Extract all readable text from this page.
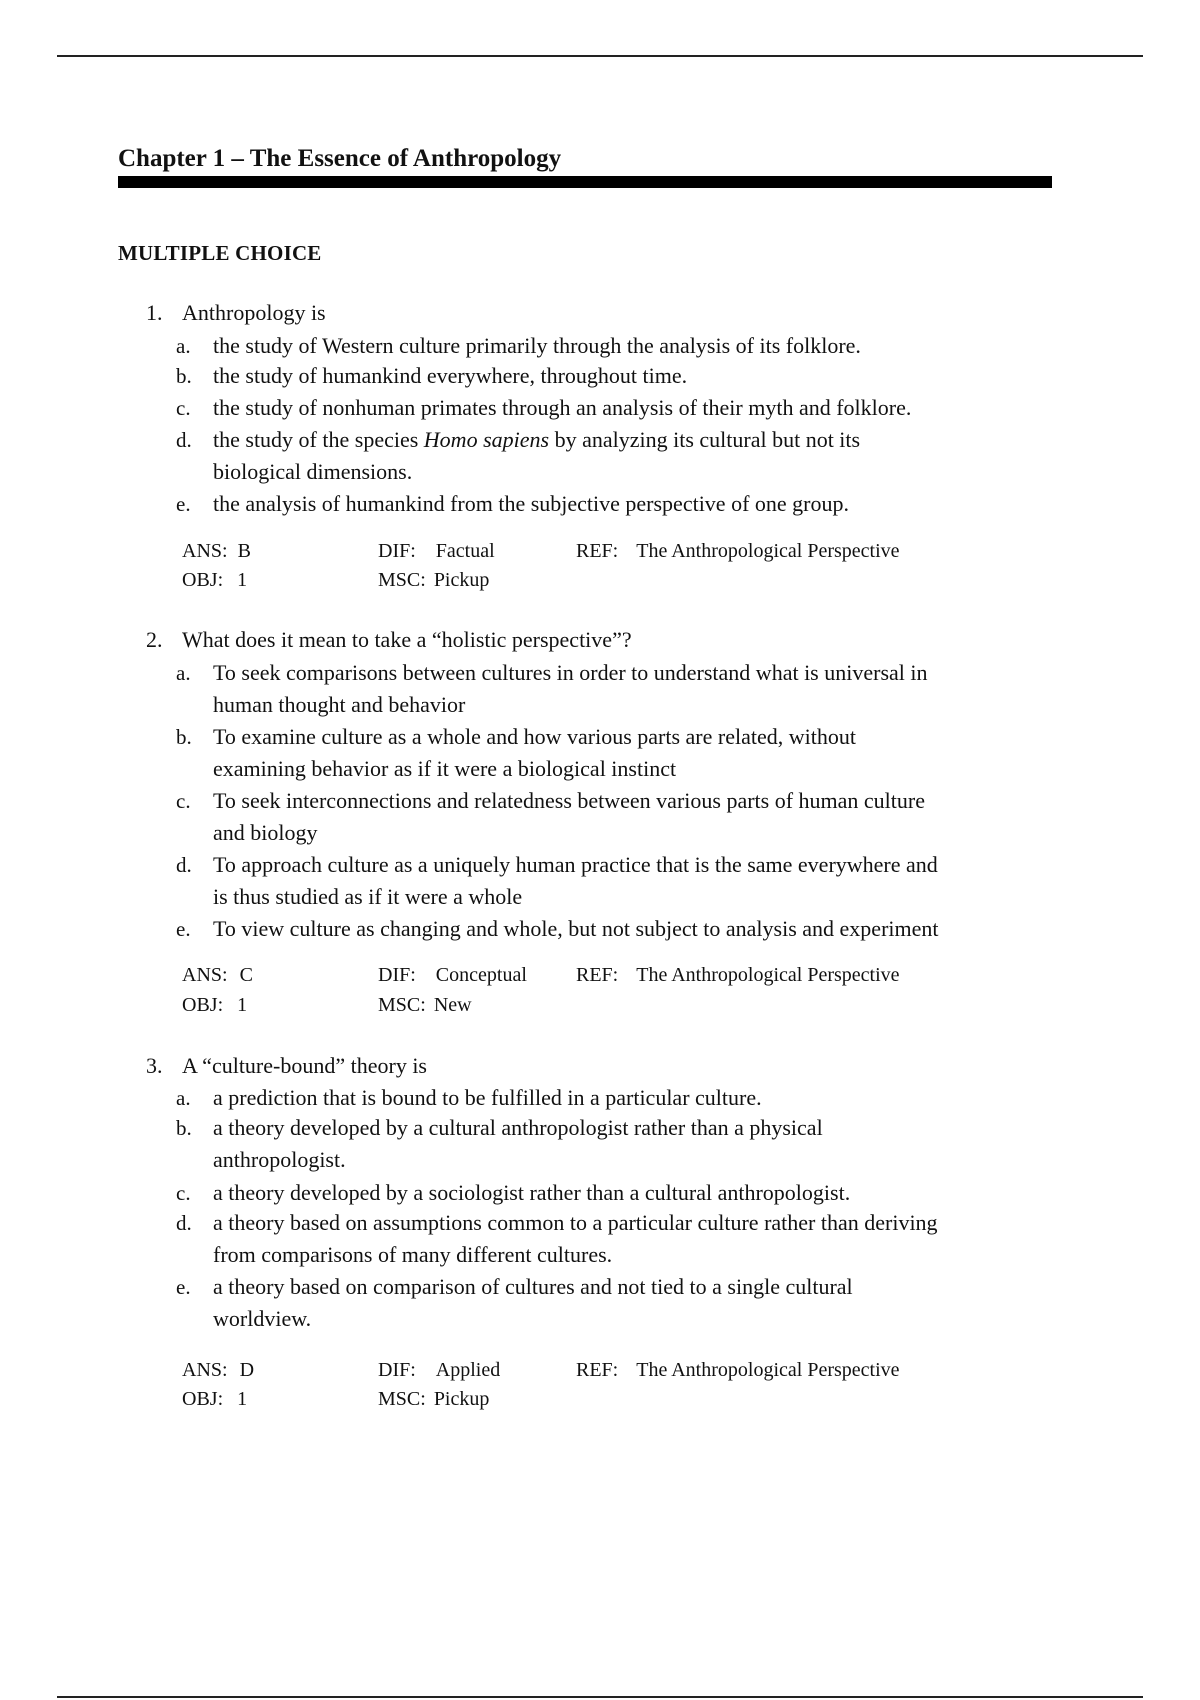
Chapter 1 – The Essence of Anthropology
MULTIPLE CHOICE
1. Anthropology is
a. the study of Western culture primarily through the analysis of its folklore.
b. the study of humankind everywhere, throughout time.
c. the study of nonhuman primates through an analysis of their myth and folklore.
d. the study of the species Homo sapiens by analyzing its cultural but not its
biological dimensions.
e. the analysis of humankind from the subjective perspective of one group.
ANS: B	DIF: Factual	REF: The Anthropological Perspective
OBJ: 1	MSC: Pickup
2. What does it mean to take a “holistic perspective”?
a. To seek comparisons between cultures in order to understand what is universal in
human thought and behavior
b. To examine culture as a whole and how various parts are related, without
examining behavior as if it were a biological instinct
c. To seek interconnections and relatedness between various parts of human culture
and biology
d. To approach culture as a uniquely human practice that is the same everywhere and
is thus studied as if it were a whole
e. To view culture as changing and whole, but not subject to analysis and experiment
ANS: C	DIF: Conceptual REF: The Anthropological Perspective
OBJ: 1	MSC: New
3. A “culture-bound” theory is
a. a prediction that is bound to be fulfilled in a particular culture.
b. a theory developed by a cultural anthropologist rather than a physical
anthropologist.
c. a theory developed by a sociologist rather than a cultural anthropologist.
d. a theory based on assumptions common to a particular culture rather than deriving
from comparisons of many different cultures.
e. a theory based on comparison of cultures and not tied to a single cultural
worldview.
ANS: D	DIF: Applied	REF: The Anthropological Perspective
OBJ: 1	MSC: Pickup
